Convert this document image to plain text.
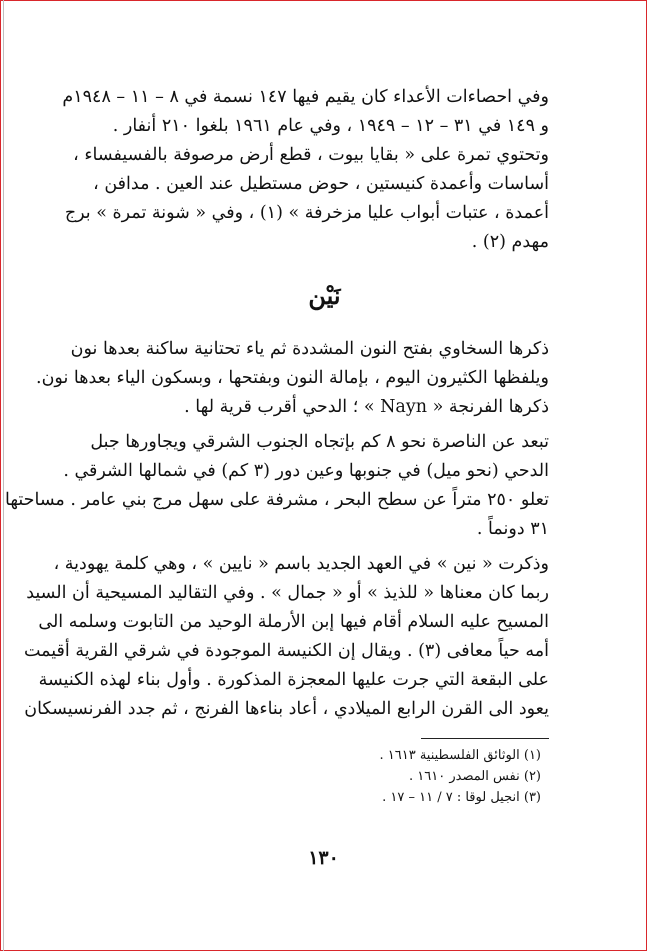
وفي احصاءات الأعداء كان يقيم فيها ١٤٧ نسمة في ٨ – ١١ – ١٩٤٨م
و ١٤٩ في ٣١ – ١٢ – ١٩٤٩ ، وفي عام ١٩٦١ بلغوا ٢١٠ أنفار .
وتحتوي تمرة على « بقايا بيوت ، قطع أرض مرصوفة بالفسيفساء ،
أساسات وأعمدة كنيستين ، حوض مستطيل عند العين . مدافن ،
أعمدة ، عتبات أبواب عليا مزخرفة » (١) ، وفي « شونة تمرة » برج
مهدم (٢) .
نَيْن
ذكرها السخاوي بفتح النون المشددة ثم ياء تحتانية ساكنة بعدها نون
ويلفظها الكثيرون اليوم ، بإمالة النون وبفتحها ، وبسكون الياء بعدها نون.
ذكرها الفرنجة « Nayn » ؛ الدحي أقرب قرية لها .
تبعد عن الناصرة نحو ٨ كم بإتجاه الجنوب الشرقي ويجاورها جبل
الدحي (نحو ميل) في جنوبها وعين دور (٣ كم) في شمالها الشرقي .
تعلو ٢٥٠ متراً عن سطح البحر ، مشرفة على سهل مرج بني عامر . مساحتها
٣١ دونماً .
وذكرت « نين » في العهد الجديد باسم « نايين » ، وهي كلمة يهودية ،
ربما كان معناها « للذيذ » أو « جمال » . وفي التقاليد المسيحية أن السيد
المسيح عليه السلام أقام فيها إبن الأرملة الوحيد من التابوت وسلمه الى
أمه حياً معافى (٣) . ويقال إن الكنيسة الموجودة في شرقي القرية أقيمت
على البقعة التي جرت عليها المعجزة المذكورة . وأول بناء لهذه الكنيسة
يعود الى القرن الرابع الميلادي ، أعاد بناءها الفرنج ، ثم جدد الفرنسيسكان
(١) الوثائق الفلسطينية ١٦١٣ .
(٢) نفس المصدر ١٦١٠ .
(٣) انجيل لوقا : ٧ / ١١ – ١٧ .
١٣٠
